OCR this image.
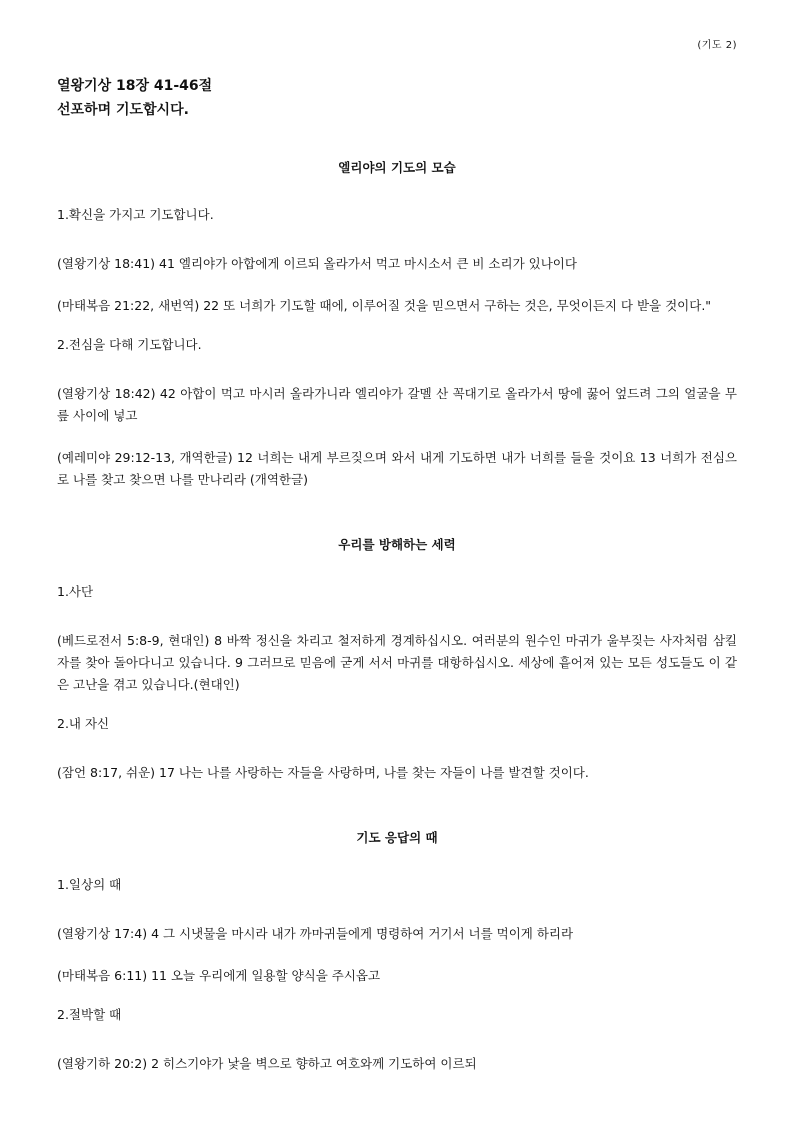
(기도 2)
열왕기상 18장 41-46절
선포하며 기도합시다.
엘리야의 기도의 모습
1.확신을 가지고 기도합니다.
(열왕기상 18:41) 41 엘리야가 아합에게 이르되 올라가서 먹고 마시소서 큰 비 소리가 있나이다
(마태복음 21:22, 새번역) 22 또 너희가 기도할 때에, 이루어질 것을 믿으면서 구하는 것은, 무엇이든지 다 받을 것이다."
2.전심을 다해 기도합니다.
(열왕기상 18:42) 42 아합이 먹고 마시러 올라가니라 엘리야가 갈멜 산 꼭대기로 올라가서 땅에 꿇어 엎드려 그의 얼굴을 무릎 사이에 넣고
(예레미야 29:12-13, 개역한글) 12 너희는 내게 부르짖으며 와서 내게 기도하면 내가 너희를 들을 것이요 13 너희가 전심으로 나를 찾고 찾으면 나를 만나리라 (개역한글)
우리를 방해하는 세력
1.사단
(베드로전서 5:8-9, 현대인) 8 바짝 정신을 차리고 철저하게 경계하십시오. 여러분의 원수인 마귀가 울부짖는 사자처럼 삼킬 자를 찾아 돌아다니고 있습니다. 9 그러므로 믿음에 굳게 서서 마귀를 대항하십시오. 세상에 흩어져 있는 모든 성도들도 이 같은 고난을 겪고 있습니다.(현대인)
2.내 자신
(잠언 8:17, 쉬운) 17 나는 나를 사랑하는 자들을 사랑하며, 나를 찾는 자들이 나를 발견할 것이다.
기도 응답의 때
1.일상의 때
(열왕기상 17:4) 4 그 시냇물을 마시라 내가 까마귀들에게 명령하여 거기서 너를 먹이게 하리라
(마태복음 6:11) 11 오늘 우리에게 일용할 양식을 주시옵고
2.절박할 때
(열왕기하 20:2) 2 히스기야가 낯을 벽으로 향하고 여호와께 기도하여 이르되
